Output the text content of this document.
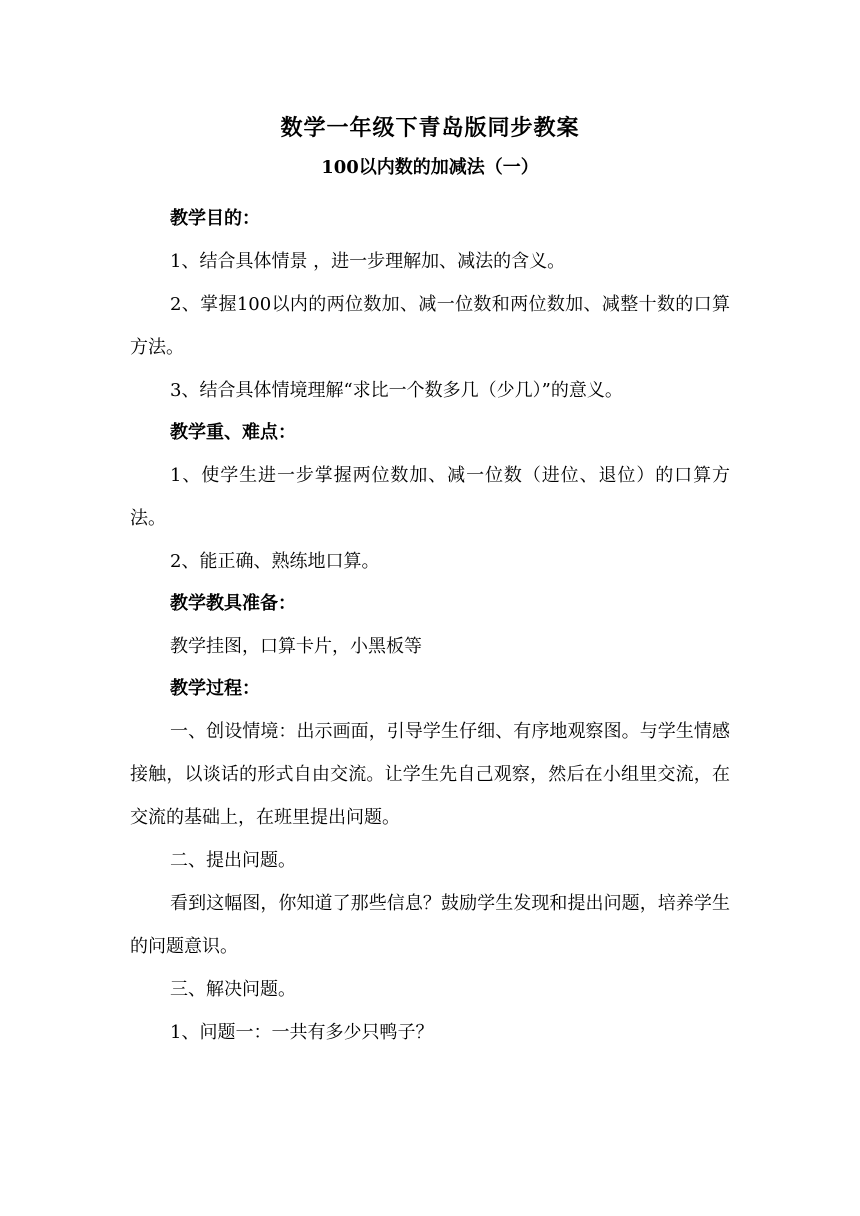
数学一年级下青岛版同步教案

100以内数的加减法（一）

教学目的：

1、结合具体情景 ，进一步理解加、减法的含义。

2、掌握100以内的两位数加、减一位数和两位数加、减整十数的口算方法。

3、结合具体情境理解“求比一个数多几（少几）”的意义。

教学重、难点：

1、使学生进一步掌握两位数加、减一位数（进位、退位）的口算方法。

2、能正确、熟练地口算。

教学教具准备：

教学挂图，口算卡片，小黑板等

教学过程：

一、创设情境：出示画面，引导学生仔细、有序地观察图。与学生情感接触，以谈话的形式自由交流。让学生先自己观察，然后在小组里交流，在交流的基础上，在班里提出问题。

二、提出问题。

看到这幅图，你知道了那些信息？鼓励学生发现和提出问题，培养学生的问题意识。

三、解决问题。

1、问题一：一共有多少只鸭子？
